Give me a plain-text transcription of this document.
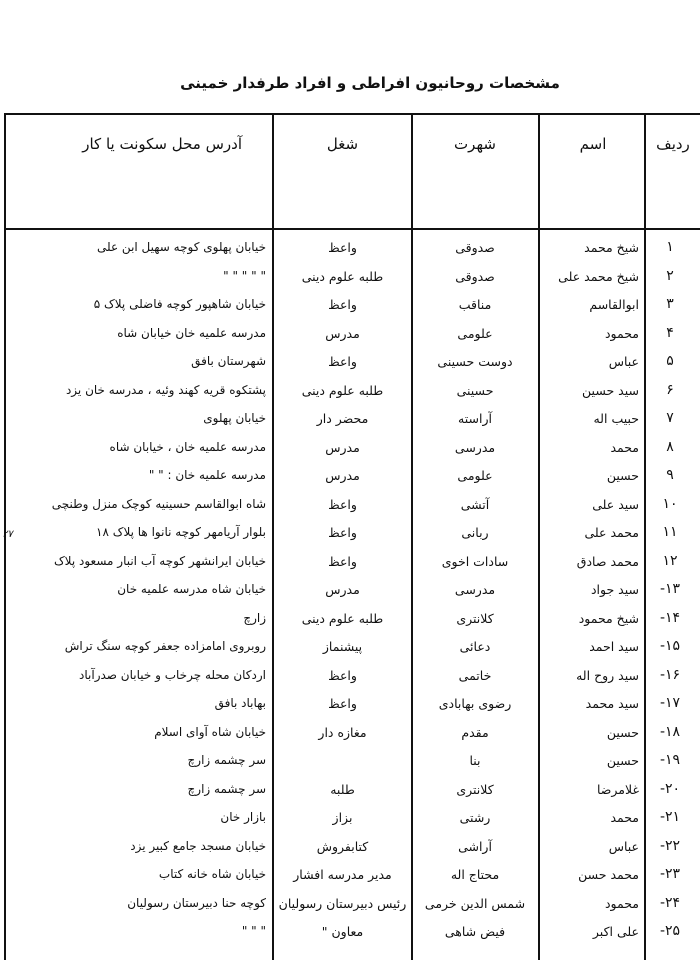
مشخصات روحانیون افراطی و افراد طرفدار خمینی
ردیف
اسم
شهرت
شغل
آدرس محل سکونت یا کار
۲۷
۱
شیخ محمد
صدوقی
واعظ
خیابان پهلوی کوچه سهیل ابن علی
۲
شیخ محمد علی
صدوقی
طلبه علوم دینی
" " " " "
۳
ابوالقاسم
مناقب
واعظ
خیابان شاهپور کوچه فاضلی پلاک ۵
۴
محمود
علومی
مدرس
مدرسه علمیه خان خیابان شاه
۵
عباس
دوست حسینی
واعظ
شهرستان بافق
۶
سید حسین
حسینی
طلبه علوم دینی
پشتکوه قریه کهند وئیه ، مدرسه خان یزد
۷
حبیب اله
آراسته
محضر دار
خیابان پهلوی
۸
محمد
مدرسی
مدرس
مدرسه علمیه خان ، خیابان شاه
۹
حسین
علومی
مدرس
مدرسه علمیه خان : " "
۱۰
سید علی
آتشی
واعظ
شاه ابوالقاسم حسینیه کوچک منزل وطنچی
۱۱
محمد علی
ربانی
واعظ
بلوار آریامهر کوچه نانوا ها پلاک ۱۸
۱۲
محمد صادق
سادات اخوی
واعظ
خیابان ایرانشهر کوچه آب انبار مسعود پلاک
۱۳-
سید جواد
مدرسی
مدرس
خیابان شاه مدرسه علمیه خان
۱۴-
شیخ محمود
کلانتری
طلبه علوم دینی
زارچ
۱۵-
سید احمد
دعائی
پیشنماز
روبروی امامزاده جعفر کوچه سنگ تراش
۱۶-
سید روح اله
خاتمی
واعظ
اردکان محله چرخاب و خیابان صدرآباد
۱۷-
سید محمد
رضوی بهابادی
واعظ
بهاباد بافق
۱۸-
حسین
مقدم
مغازه دار
خیابان شاه آوای اسلام
۱۹-
حسین
بنا
سر چشمه زارچ
۲۰-
غلامرضا
کلانتری
طلبه
سر چشمه زارچ
۲۱-
محمد
رشتی
بزاز
بازار خان
۲۲-
عباس
آراشی
کتابفروش
خیابان مسجد جامع کبیر یزد
۲۳-
محمد حسن
محتاج اله
مدیر مدرسه افشار
خیابان شاه خانه کتاب
۲۴-
محمود
شمس الدین خرمی
رئیس دبیرستان رسولیان
کوچه حنا دبیرستان رسولیان
۲۵-
علی اکبر
فیض شاهی
معاون "
" " "
